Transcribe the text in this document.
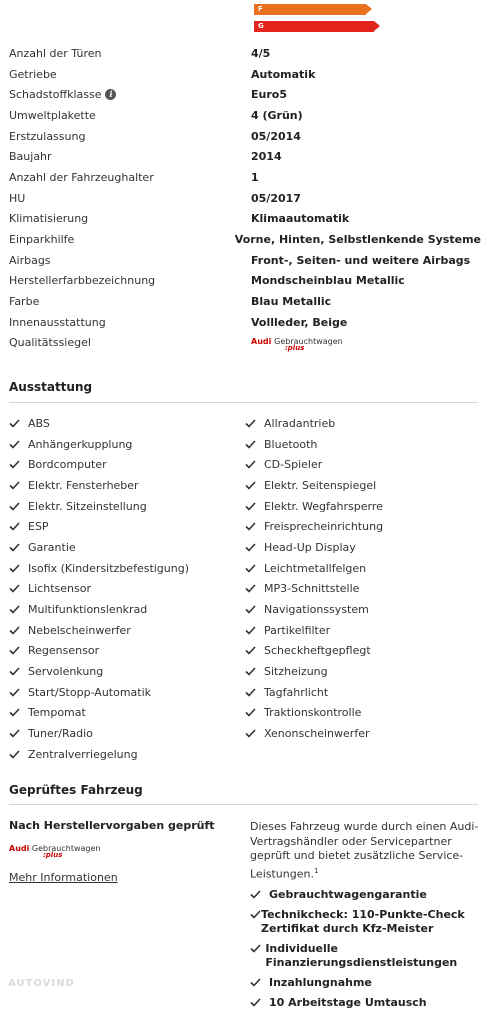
F
G
Anzahl der Türen	4/5
Getriebe	Automatik
Schadstoffklasse i	Euro5
Umweltplakette	4 (Grün)
Erstzulassung	05/2014
Baujahr	2014
Anzahl der Fahrzeughalter	1
HU	05/2017
Klimatisierung	Klimaautomatik
Einparkhilfe	Vorne, Hinten, Selbstlenkende Systeme
Airbags	Front-, Seiten- und weitere Airbags
Herstellerfarbbezeichnung	Mondscheinblau Metallic
Farbe	Blau Metallic
Innenausstattung	Vollleder, Beige
Qualitätssiegel	Audi Gebrauchtwagen
:plus
Ausstattung
ABS
Anhängerkupplung
Bordcomputer
Elektr. Fensterheber
Elektr. Sitzeinstellung
ESP
Garantie
Isofix (Kindersitzbefestigung)
Lichtsensor
Multifunktionslenkrad
Nebelscheinwerfer
Regensensor
Servolenkung
Start/Stopp-Automatik
Tempomat
Tuner/Radio
Zentralverriegelung
Allradantrieb
Bluetooth
CD-Spieler
Elektr. Seitenspiegel
Elektr. Wegfahrsperre
Freisprecheinrichtung
Head-Up Display
Leichtmetallfelgen
MP3-Schnittstelle
Navigationssystem
Partikelfilter
Scheckheftgepflegt
Sitzheizung
Tagfahrlicht
Traktionskontrolle
Xenonscheinwerfer
Geprüftes Fahrzeug
Nach Herstellervorgaben geprüft
Audi Gebrauchtwagen
:plus
Mehr Informationen
Dieses Fahrzeug wurde durch einen Audi-Vertragshändler oder Servicepartner geprüft und bietet zusätzliche Service-Leistungen.$^1$
Gebrauchtwagengarantie
Technikcheck: 110-Punkte-Check Zertifikat durch Kfz-Meister
Individuelle Finanzierungsdienstleistungen
Inzahlungnahme
10 Arbeitstage Umtausch
AUTOVIND
